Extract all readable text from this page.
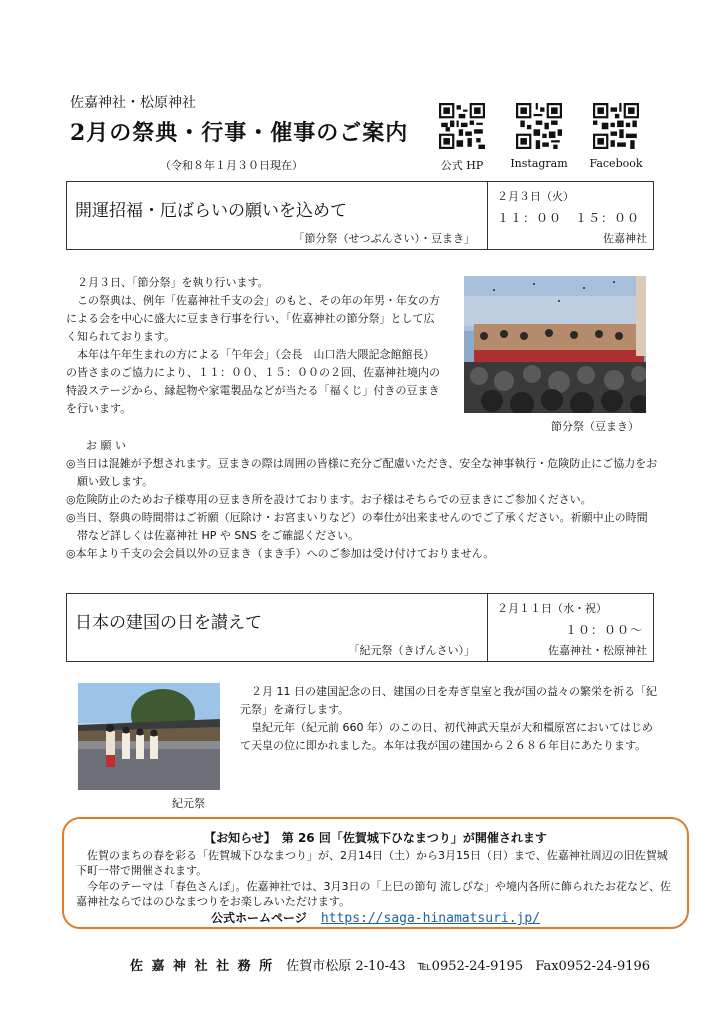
佐嘉神社・松原神社
2月の祭典・行事・催事のご案内
（令和８年１月３０日現在）	公式 HP	Instagram	Facebook
開運招福・厄ばらいの願いを込めて
「節分祭（せつぶんさい）・豆まき」
２月３日（火）
１１：００　１５：００
佐嘉神社

２月３日、「節分祭」を執り行います。

この祭典は、例年「佐嘉神社千支の会」のもと、その年の年男・年女の方による会を中心に盛大に豆まき行事を行い、「佐嘉神社の節分祭」として広く知られております。

本年は午年生まれの方による「午年会」（会長　山口浩大隈記念館館長）の皆さまのご協力により、１１：００、１５：００の２回、佐嘉神社境内の特設ステージから、縁起物や家電製品などが当たる「福くじ」付きの豆まきを行います。

節分祭（豆まき）
お 願 い

◎当日は混雑が予想されます。豆まきの際は周囲の皆様に充分ご配慮いただき、安全な神事執行・危険防止にご協力をお願い致します。

◎危険防止のためお子様専用の豆まき所を設けております。お子様はそちらでの豆まきにご参加ください。

◎当日、祭典の時間帯はご祈願（厄除け・お宮まいりなど）の奉仕が出来ませんのでご了承ください。祈願中止の時間帯など詳しくは佐嘉神社 HP や SNS をご確認ください。

◎本年より千支の会会員以外の豆まき（まき手）へのご参加は受け付けておりません。

日本の建国の日を讃えて
「紀元祭（きげんさい）」
２月１１日（水・祝）
１０：００～
佐嘉神社・松原神社
紀元祭

２月 11 日の建国記念の日、建国の日を寿ぎ皇室と我が国の益々の繁栄を祈る「紀元祭」を斎行します。

皇紀元年（紀元前 660 年）のこの日、初代神武天皇が大和橿原宮においてはじめて天皇の位に即かれました。本年は我が国の建国から２６８６年目にあたります。

【お知らせ】　第 26 回「佐賀城下ひなまつり」が開催されます
佐賀のまちの春を彩る「佐賀城下ひなまつり」が、2月14日（土）から3月15日（日）まで、佐嘉神社周辺の旧佐賀城下町一帯で開催されます。
今年のテーマは「春色さんぽ」。佐嘉神社では、3月3日の「上巳の節句 流しびな」や境内各所に飾られたお花など、佐嘉神社ならではのひなまつりをお楽しみいただけます。
公式ホームページ https://saga-hinamatsuri.jp/
佐 嘉 神 社 社 務 所 佐賀市松原 2-10-43 ℡0952-24-9195 Fax0952-24-9196
